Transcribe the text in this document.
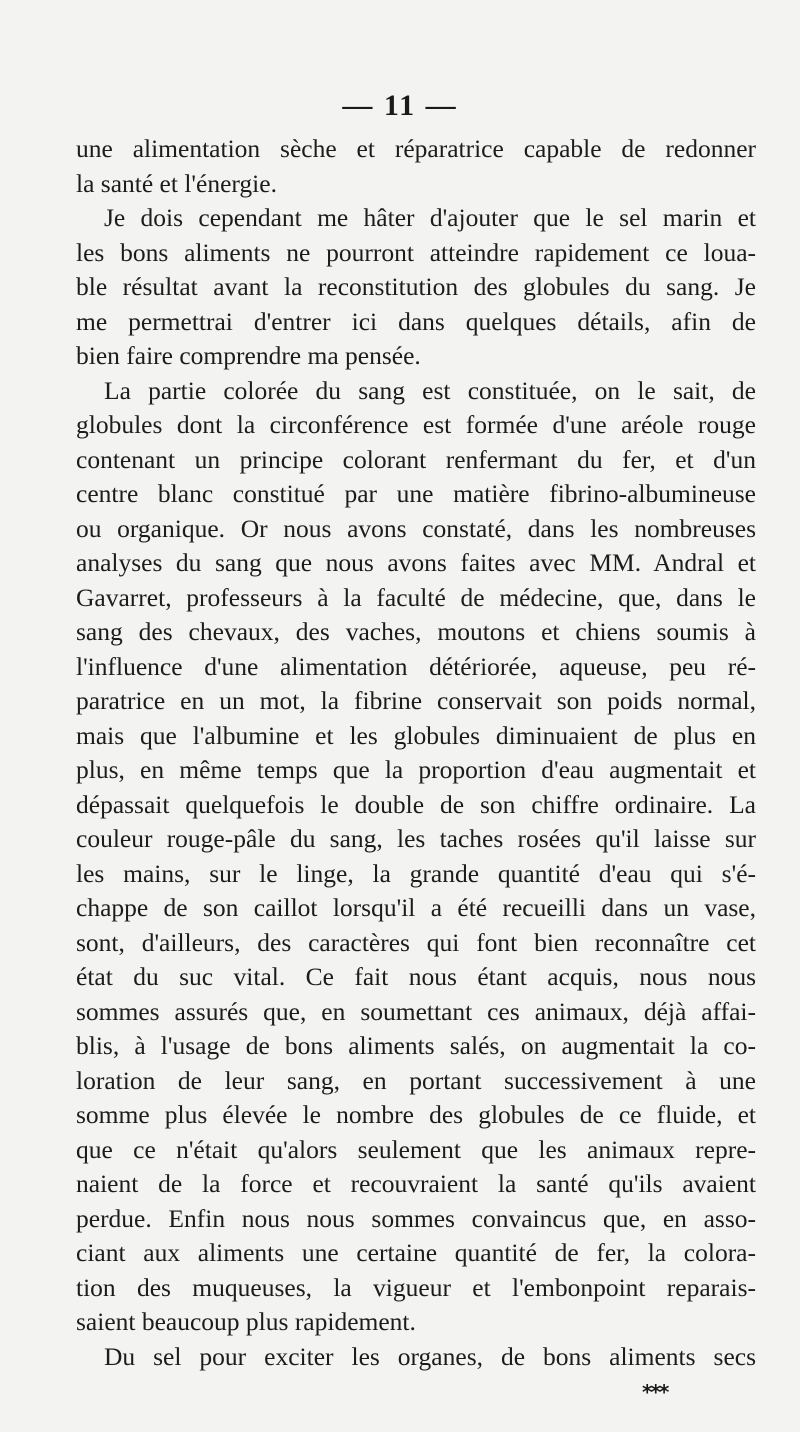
— 11 —
une alimentation sèche et réparatrice capable de redonner
la santé et l'énergie.
Je dois cependant me hâter d'ajouter que le sel marin et
les bons aliments ne pourront atteindre rapidement ce loua-
ble résultat avant la reconstitution des globules du sang. Je
me permettrai d'entrer ici dans quelques détails, afin de
bien faire comprendre ma pensée.
La partie colorée du sang est constituée, on le sait, de
globules dont la circonférence est formée d'une aréole rouge
contenant un principe colorant renfermant du fer, et d'un
centre blanc constitué par une matière fibrino-albumineuse
ou organique. Or nous avons constaté, dans les nombreuses
analyses du sang que nous avons faites avec MM. Andral et
Gavarret, professeurs à la faculté de médecine, que, dans le
sang des chevaux, des vaches, moutons et chiens soumis à
l'influence d'une alimentation détériorée, aqueuse, peu ré-
paratrice en un mot, la fibrine conservait son poids normal,
mais que l'albumine et les globules diminuaient de plus en
plus, en même temps que la proportion d'eau augmentait et
dépassait quelquefois le double de son chiffre ordinaire. La
couleur rouge-pâle du sang, les taches rosées qu'il laisse sur
les mains, sur le linge, la grande quantité d'eau qui s'é-
chappe de son caillot lorsqu'il a été recueilli dans un vase,
sont, d'ailleurs, des caractères qui font bien reconnaître cet
état du suc vital. Ce fait nous étant acquis, nous nous
sommes assurés que, en soumettant ces animaux, déjà affai-
blis, à l'usage de bons aliments salés, on augmentait la co-
loration de leur sang, en portant successivement à une
somme plus élevée le nombre des globules de ce fluide, et
que ce n'était qu'alors seulement que les animaux repre-
naient de la force et recouvraient la santé qu'ils avaient
perdue. Enfin nous nous sommes convaincus que, en asso-
ciant aux aliments une certaine quantité de fer, la colora-
tion des muqueuses, la vigueur et l'embonpoint reparais-
saient beaucoup plus rapidement.
Du sel pour exciter les organes, de bons aliments secs
***
